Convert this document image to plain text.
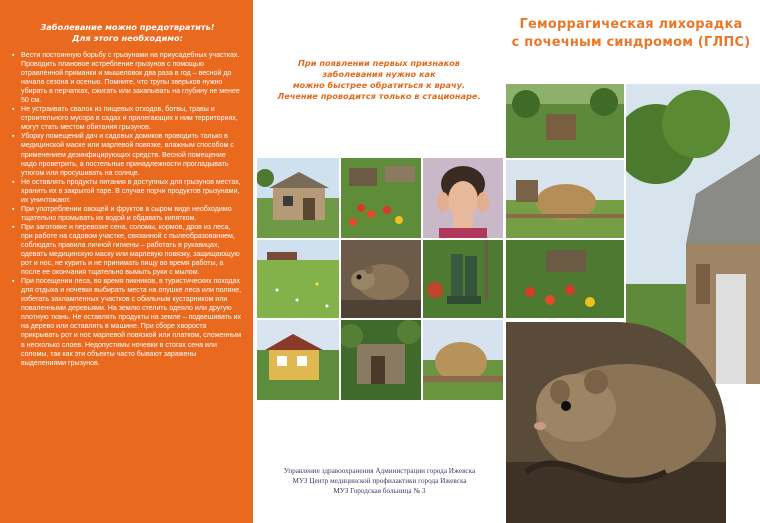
Заболевание можно предотвратить!
Для этого необходимо:
▪ Вести постоянную борьбу с грызунами на приусадебных участках. Проводить плановое истребление грызунов с помощью отравленной приманки и мышеловок два раза в год – весной до начала сезона и осенью. Помните, что трупы зверьков нужно убирать в перчатках, сжигать или закапывать на глубину не менее 50 см.
▪ Не устраивать свалок из пищевых отходов, ботвы, травы и строительного мусора в садах и прилегающих к ним территориях, могут стать местом обитания грызунов.
▪ Уборку помещений дач и садовых домиков проводить только в медицинской маске или марлевой повязке, влажным способом с применением дезинфицирующих средств. Весной помещение надо проветрить, а постельные принадлежности прогладывать утюгом или просушивать на солнце.
▪ Не оставлять продукты питания в доступных для грызунов местах, хранить их в закрытой таре. В случае порчи продуктов грызунами, их уничтожают.
▪ При употреблении овощей и фруктов в сыром виде необходимо тщательно промывать их водой и обдавать кипятком.
▪ При заготовке и перевозке сена, соломы, кормов, дров из леса, при работе на садовом участке, связанной с пылеобразованием, соблюдать правила личной гигиены – работать в рукавицах, одевать медицинскую маску или марлевую повязку, защищающую рот и нос, не курить и не принимать пищу во время работы, а после ее окончания тщательно вымыть руки с мылом.
▪ При посещении леса, во время пикников, в туристических походах для отдыха и ночевки выбирать места на опушке леса или поляне, избегать захламленных участков с обильным кустарником или поваленными деревьями. На землю стелить одеяло или другую плотную ткань. Не оставлять продукты на земле – подвешивать их на дерево или оставлять в машине. При сборе хвороста прикрывать рот и нос марлевой повязкой или платком, сложенным в несколько слоев. Недопустимы ночевки в стогах сена или соломы, так как эти объекты часто бывают заражены выделениями грызунов.
При появлении первых признаков
заболевания нужно как
можно быстрее обратиться к врачу.
Лечение проводится только в стационаре.
Управление здравоохранения Администрации города Ижевска
МУЗ Центр медицинской профилактики города Ижевска
МУЗ Городская больница № 3
Геморрагическая лихорадка
с почечным синдромом (ГЛПС)
